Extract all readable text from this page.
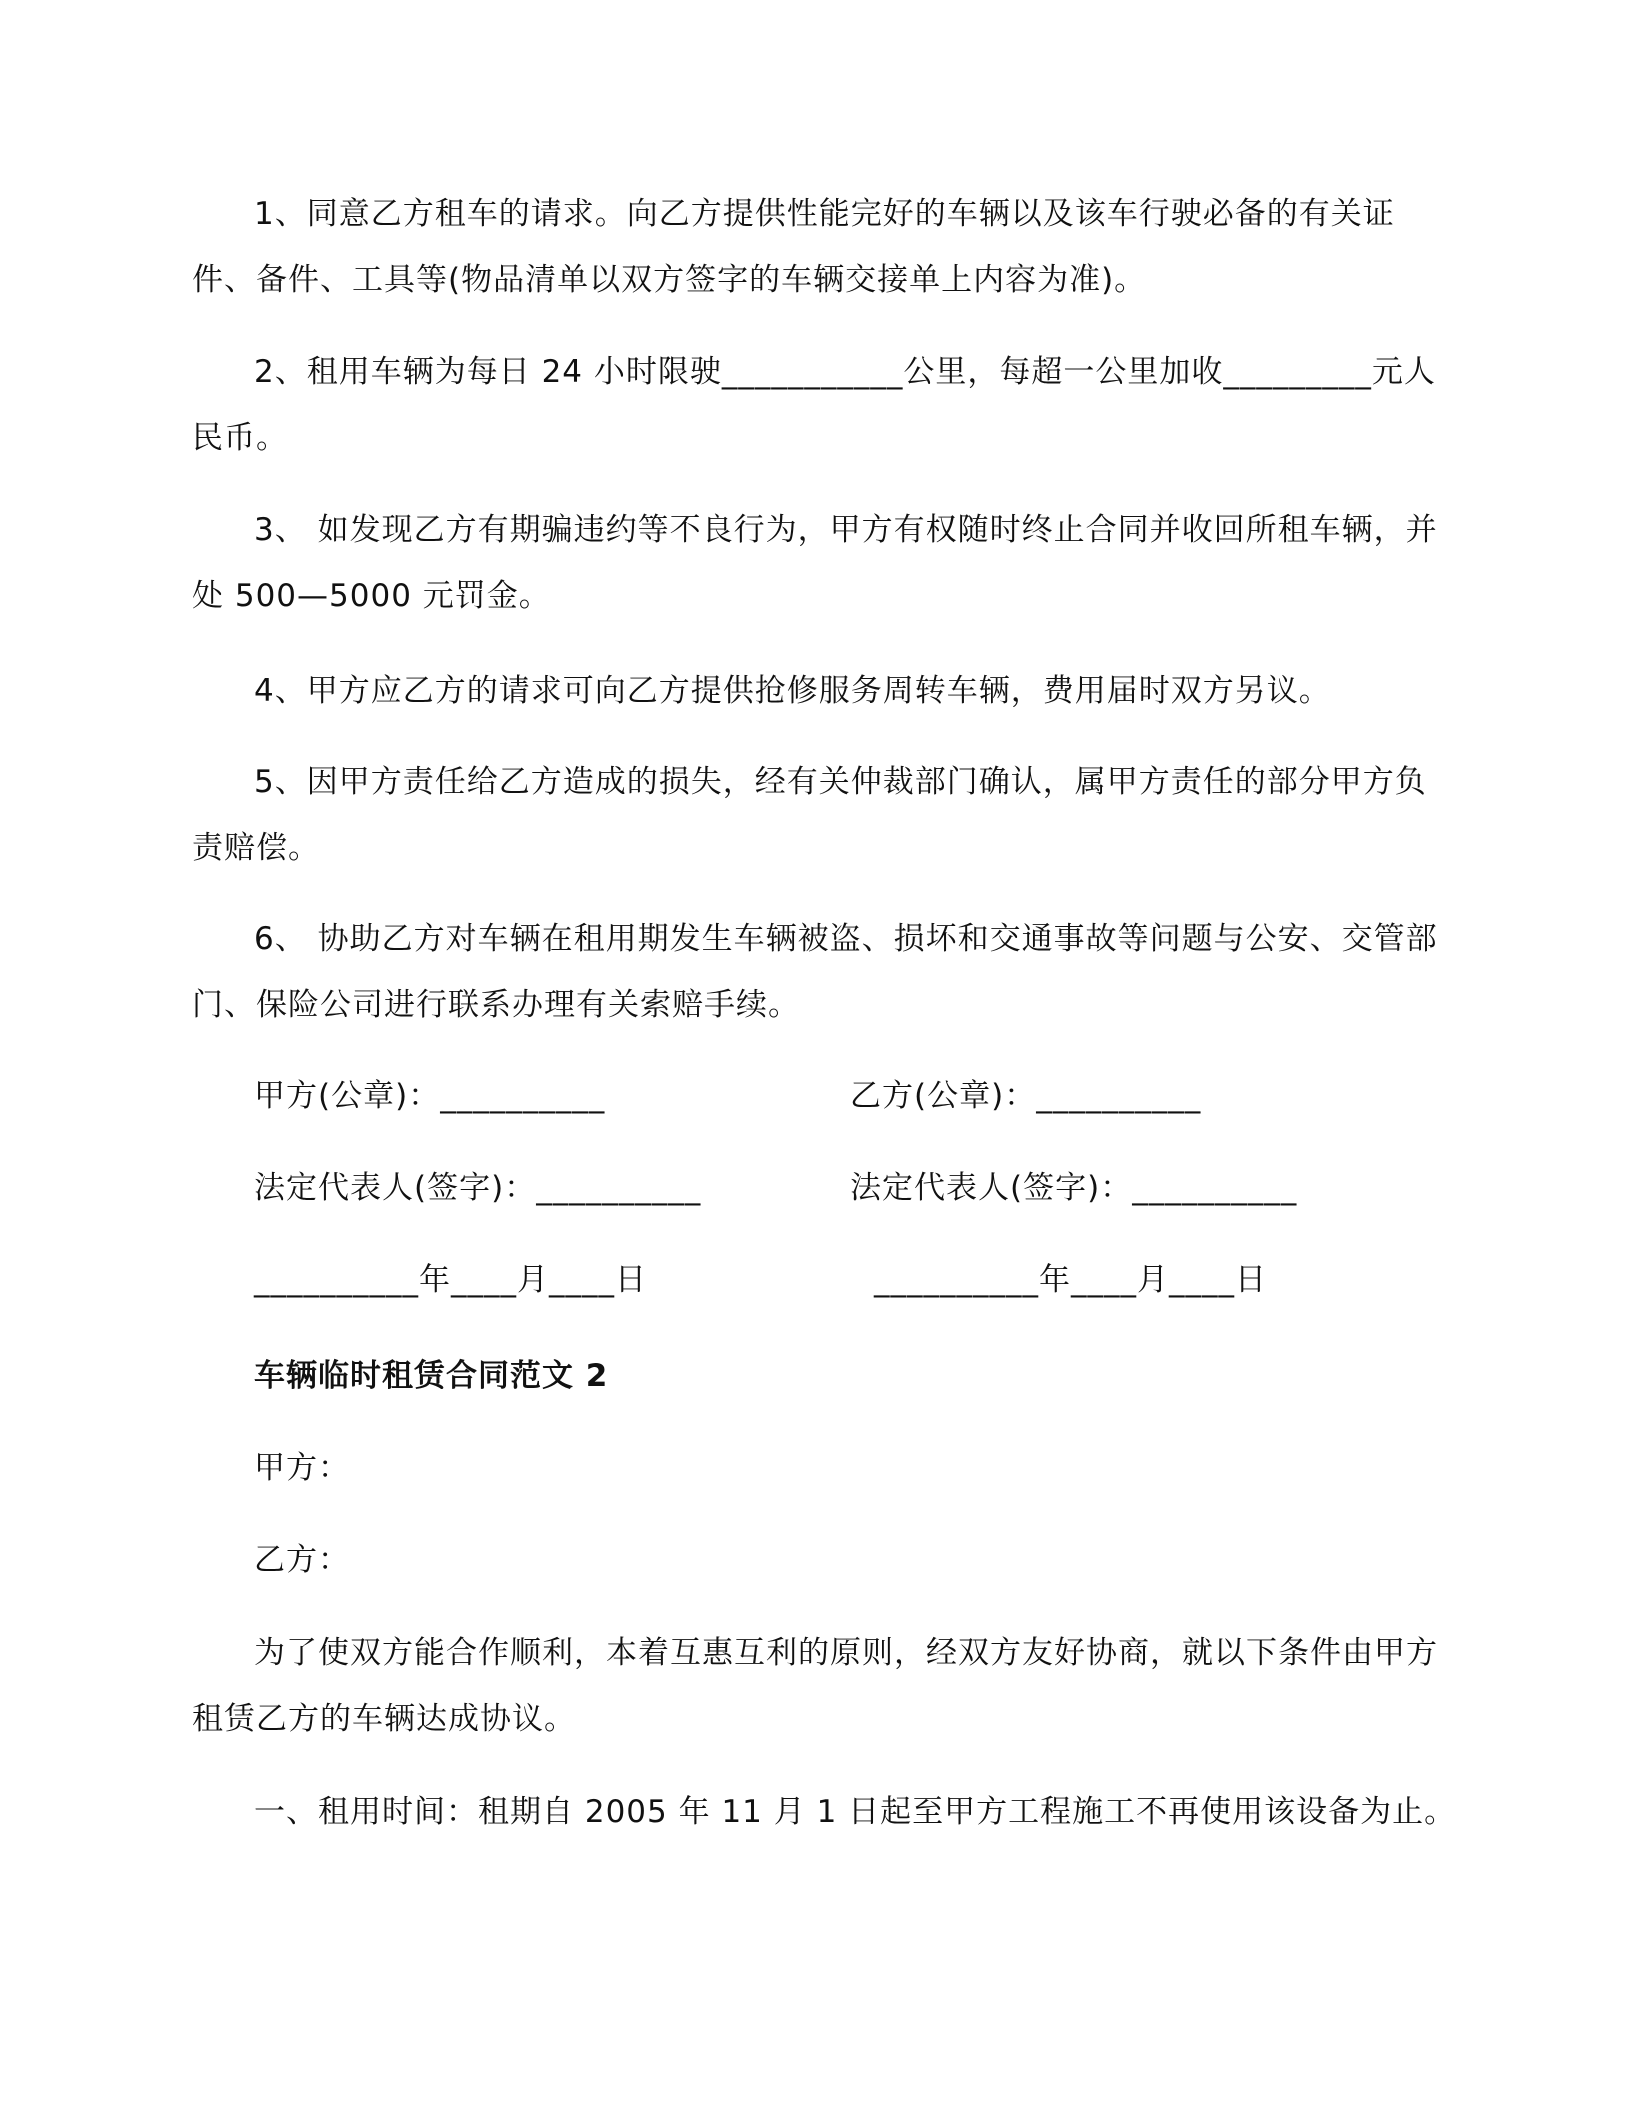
1、同意乙方租车的请求。向乙方提供性能完好的车辆以及该车行驶必备的有关证件、备件、工具等(物品清单以双方签字的车辆交接单上内容为准)。

2、租用车辆为每日 24 小时限驶___________公里，每超一公里加收_________元人民币。

3、 如发现乙方有期骗违约等不良行为，甲方有权随时终止合同并收回所租车辆，并处 500—5000 元罚金。

4、甲方应乙方的请求可向乙方提供抢修服务周转车辆，费用届时双方另议。

5、因甲方责任给乙方造成的损失，经有关仲裁部门确认，属甲方责任的部分甲方负责赔偿。

6、 协助乙方对车辆在租用期发生车辆被盗、损坏和交通事故等问题与公安、交管部门、保险公司进行联系办理有关索赔手续。

甲方(公章)：__________	乙方(公章)：__________
法定代表人(签字)：__________	法定代表人(签字)：__________
__________年____月____日	__________年____月____日
车辆临时租赁合同范文 2
甲方：
乙方：

为了使双方能合作顺利，本着互惠互利的原则，经双方友好协商，就以下条件由甲方租赁乙方的车辆达成协议。

一、租用时间：租期自 2005 年 11 月 1 日起至甲方工程施工不再使用该设备为止。
